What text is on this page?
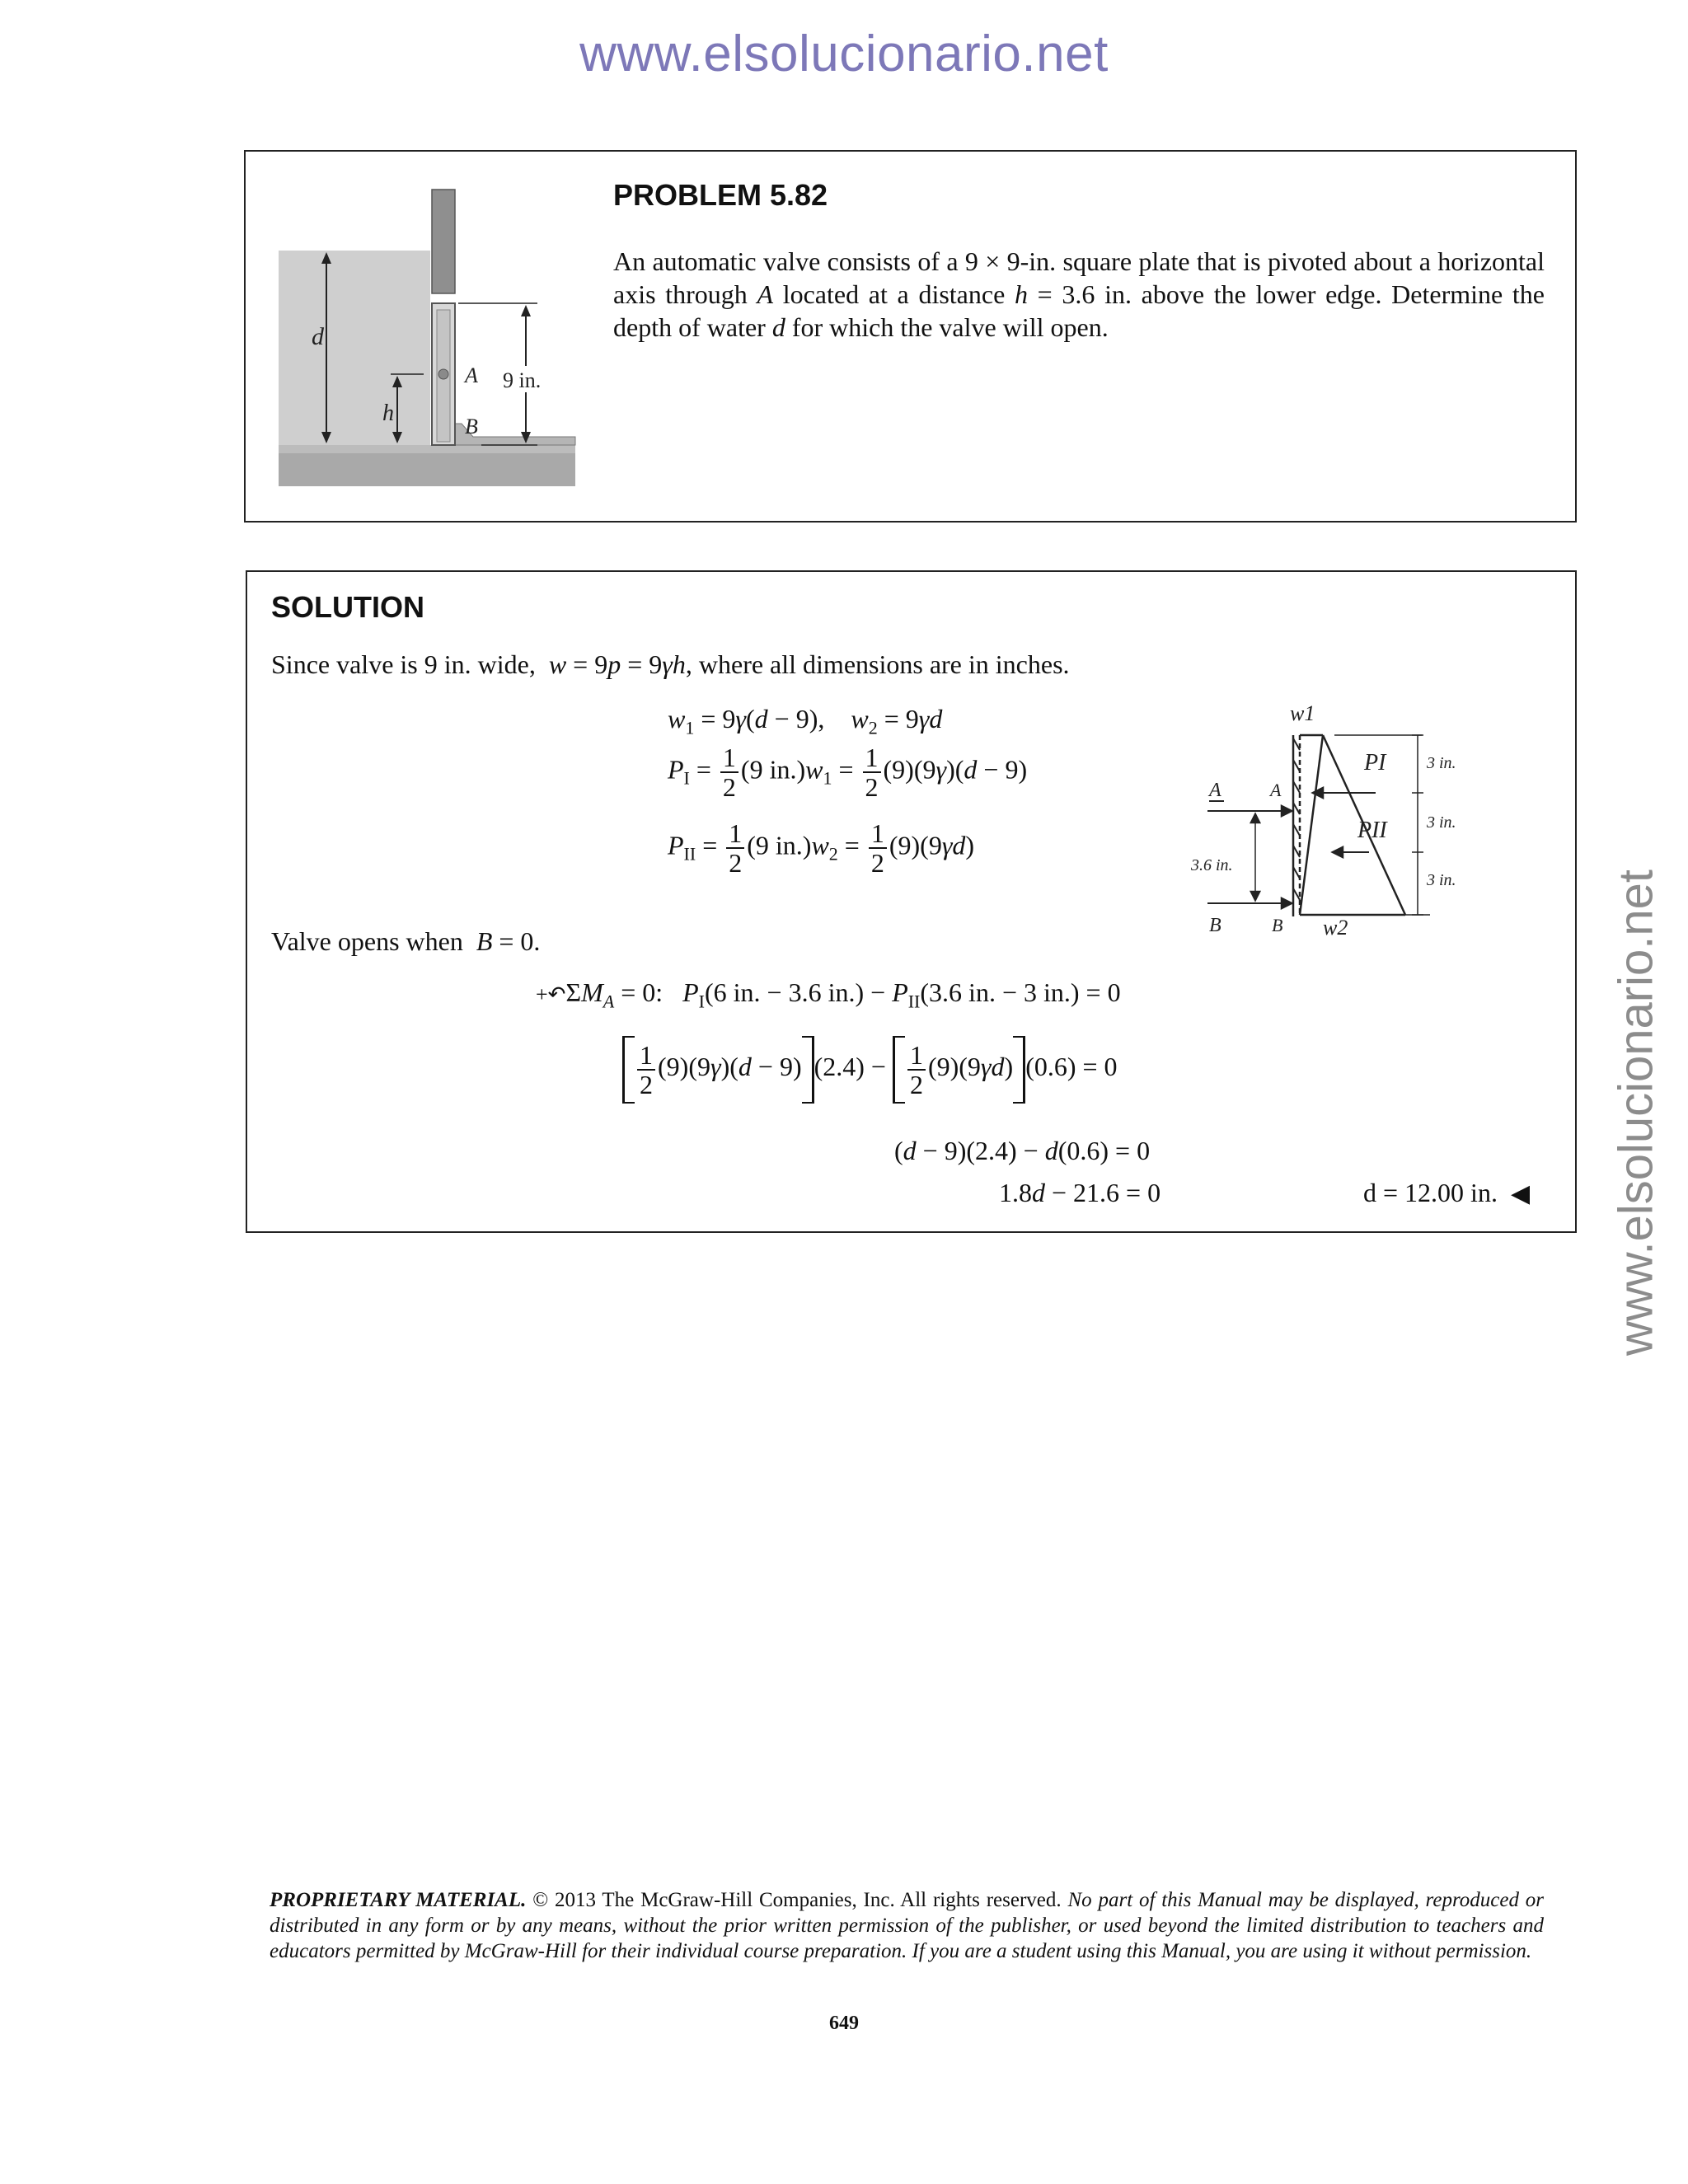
www.elsolucionario.net
www.elsolucionario.net
d
h
A
B
9 in.
PROBLEM 5.82
An automatic valve consists of a 9 × 9-in. square plate that is pivoted about a horizontal axis through A located at a distance h = 3.6 in. above the lower edge. Determine the depth of water d for which the valve will open.
SOLUTION
Since valve is 9 in. wide, w = 9p = 9γh, where all dimensions are in inches.
$w_1 = 9\gamma(d - 9)$,    $w_2 = 9\gamma d$
$P_I = \frac{1}{2} (9$ $in.)w_1 = \frac{1}{2} (9)(9\gamma)(d - 9)$
$P_{II} = \frac{1}{2} (9$ $in.)w_2 = \frac{1}{2} (9)(9\gamma d)$
Valve opens when B = 0.
$+↶\Sigma M_A = 0$:   $P_I(6$ in. − 3.6 $in.) - P_{II}(3.6$ in. − 3 in.) = 0
$\frac{1}{2} (9)(9\gamma)(d - 9) (2.4) - \frac{1}{2} (9)(9\gamma d) (0.6) = 0$
(d − 9)(2.4) − d(0.6) = 0
1.8d − 21.6 = 0	d = 12.00 in. ◀
w1
PI
PII
3 in.
3 in.
3 in.
A	A
3.6 in.
B	B w2
PROPRIETARY MATERIAL. © 2013 The McGraw-Hill Companies, Inc. All rights reserved. No part of this Manual may be displayed, reproduced or distributed in any form or by any means, without the prior written permission of the publisher, or used beyond the limited distribution to teachers and educators permitted by McGraw-Hill for their individual course preparation. If you are a student using this Manual, you are using it without permission.
649
